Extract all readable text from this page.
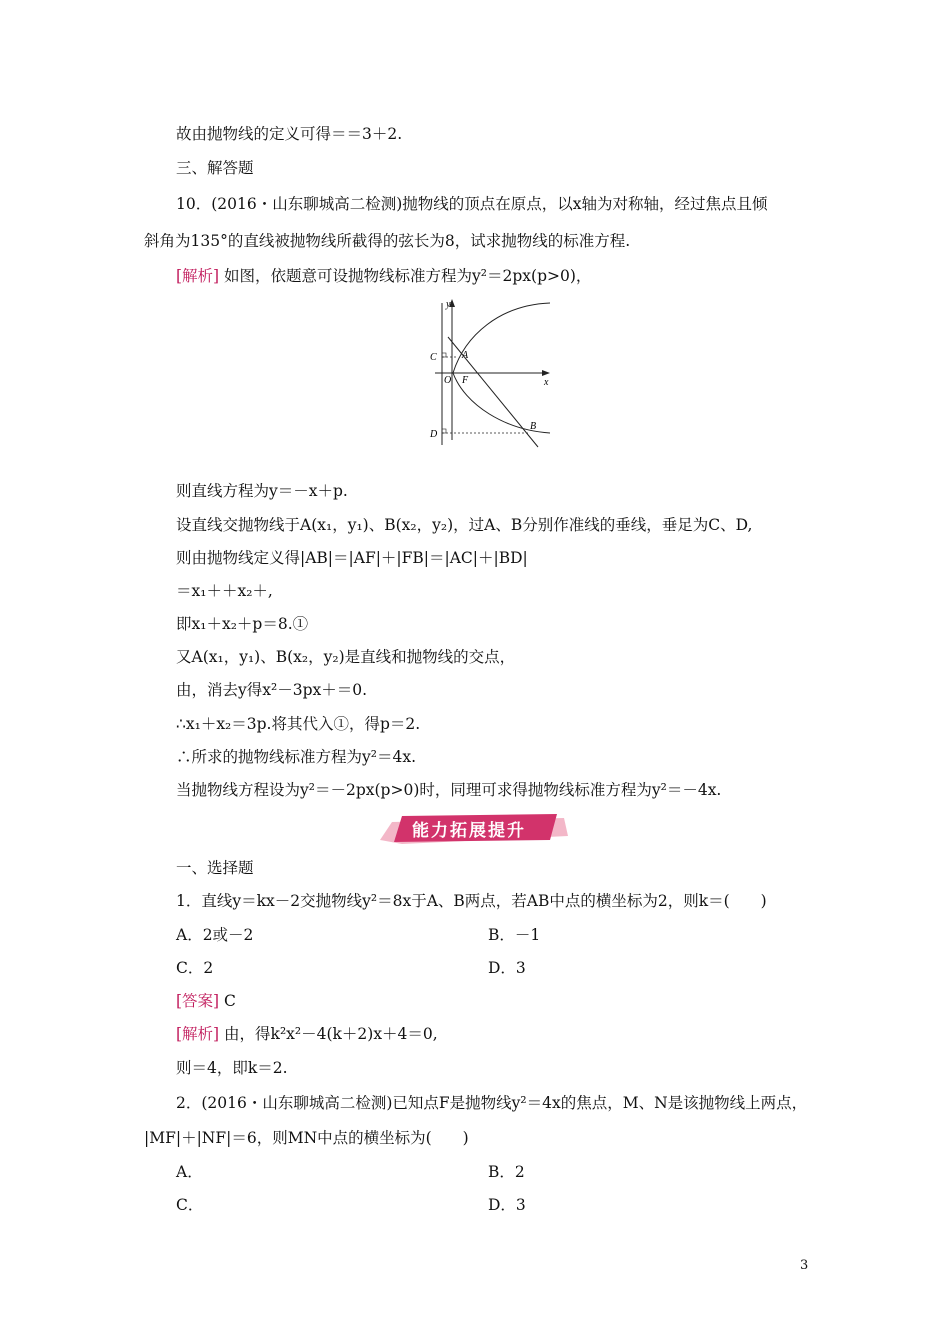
故由抛物线的定义可得＝＝3＋2.
三、解答题
10．(2016・山东聊城高二检测)抛物线的顶点在原点，以x轴为对称轴，经过焦点且倾
斜角为135°的直线被抛物线所截得的弦长为8，试求抛物线的标准方程.
[解析] 如图，依题意可设抛物线标准方程为y²＝2px(p>0)，
y
x
O F
A
B
C
D
则直线方程为y＝－x＋p.
设直线交抛物线于A(x₁，y₁)、B(x₂，y₂)，过A、B分别作准线的垂线，垂足为C、D,
则由抛物线定义得|AB|＝|AF|＋|FB|＝|AC|＋|BD|
＝x₁＋＋x₂＋,
即x₁＋x₂＋p＝8.①
又A(x₁，y₁)、B(x₂，y₂)是直线和抛物线的交点，
由，消去y得x²－3px＋＝0.
∴x₁＋x₂＝3p.将其代入①，得p＝2.
∴所求的抛物线标准方程为y²＝4x.
当抛物线方程设为y²＝－2px(p>0)时，同理可求得抛物线标准方程为y²＝－4x.
能力拓展提升
一、选择题
1．直线y＝kx－2交抛物线y²＝8x于A、B两点，若AB中点的横坐标为2，则k＝(　　)
A．2或－2	B．－1
C．2	D．3
[答案] C
[解析] 由，得k²x²－4(k＋2)x＋4＝0,
则＝4，即k＝2.
2．(2016・山东聊城高二检测)已知点F是抛物线y²＝4x的焦点，M、N是该抛物线上两点，
|MF|＋|NF|＝6，则MN中点的横坐标为(　　)
A．	B．2
C．	D．3
3
